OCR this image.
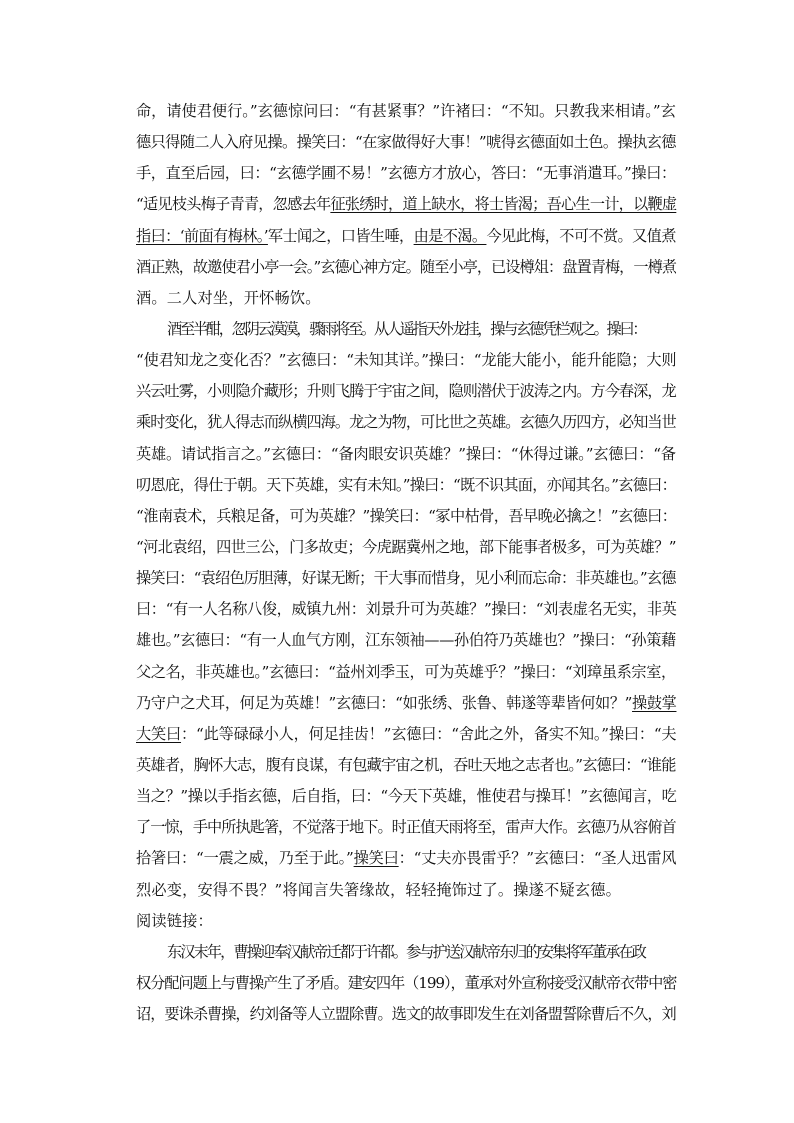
命，请使君便行。”玄德惊问曰：“有甚紧事？”许褚曰：“不知。只教我来相请。”玄
德只得随二人入府见操。操笑曰：“在家做得好大事！”唬得玄德面如土色。操执玄德
手，直至后园，曰：“玄德学圃不易！”玄德方才放心，答曰：“无事消遣耳。”操曰：
“适见枝头梅子青青，忽感去年征张绣时，道上缺水，将士皆渴；吾心生一计，以鞭虚
指曰：‘前面有梅林。’军士闻之，口皆生唾，由是不渴。今见此梅，不可不赏。又值煮
酒正熟，故邀使君小亭一会。”玄德心神方定。随至小亭，已设樽俎：盘置青梅，一樽煮
酒。二人对坐，开怀畅饮。
酒至半酣，忽阴云漠漠，骤雨将至。从人遥指天外龙挂，操与玄德凭栏观之。操曰：
“使君知龙之变化否？”玄德曰：“未知其详。”操曰：“龙能大能小，能升能隐；大则
兴云吐雾，小则隐介藏形；升则飞腾于宇宙之间，隐则潜伏于波涛之内。方今春深，龙
乘时变化，犹人得志而纵横四海。龙之为物，可比世之英雄。玄德久历四方，必知当世
英雄。请试指言之。”玄德曰：“备肉眼安识英雄？”操曰：“休得过谦。”玄德曰：“备
叨恩庇，得仕于朝。天下英雄，实有未知。”操曰：“既不识其面，亦闻其名。”玄德曰：
“淮南袁术，兵粮足备，可为英雄？”操笑曰：“冢中枯骨，吾早晚必擒之！”玄德曰：
“河北袁绍，四世三公，门多故吏；今虎踞冀州之地，部下能事者极多，可为英雄？”
操笑曰：“袁绍色厉胆薄，好谋无断；干大事而惜身，见小利而忘命：非英雄也。”玄德
曰：“有一人名称八俊，威镇九州：刘景升可为英雄？”操曰：“刘表虚名无实，非英
雄也。”玄德曰：“有一人血气方刚，江东领袖——孙伯符乃英雄也？”操曰：“孙策藉
父之名，非英雄也。”玄德曰：“益州刘季玉，可为英雄乎？”操曰：“刘璋虽系宗室，
乃守户之犬耳，何足为英雄！”玄德曰：“如张绣、张鲁、韩遂等辈皆何如？”操鼓掌
大笑曰：“此等碌碌小人，何足挂齿！”玄德曰：“舍此之外，备实不知。”操曰：“夫
英雄者，胸怀大志，腹有良谋，有包藏宇宙之机，吞吐天地之志者也。”玄德曰：“谁能
当之？”操以手指玄德，后自指，曰：“今天下英雄，惟使君与操耳！”玄德闻言，吃
了一惊，手中所执匙箸，不觉落于地下。时正值天雨将至，雷声大作。玄德乃从容俯首
拾箸曰：“一震之威，乃至于此。”操笑曰：“丈夫亦畏雷乎？”玄德曰：“圣人迅雷风
烈必变，安得不畏？”将闻言失箸缘故，轻轻掩饰过了。操遂不疑玄德。
阅读链接：
东汉末年，曹操迎奉汉献帝迁都于许都。参与护送汉献帝东归的安集将军董承在政
权分配问题上与曹操产生了矛盾。建安四年（199），董承对外宣称接受汉献帝衣带中密
诏，要诛杀曹操，约刘备等人立盟除曹。选文的故事即发生在刘备盟誓除曹后不久，刘
